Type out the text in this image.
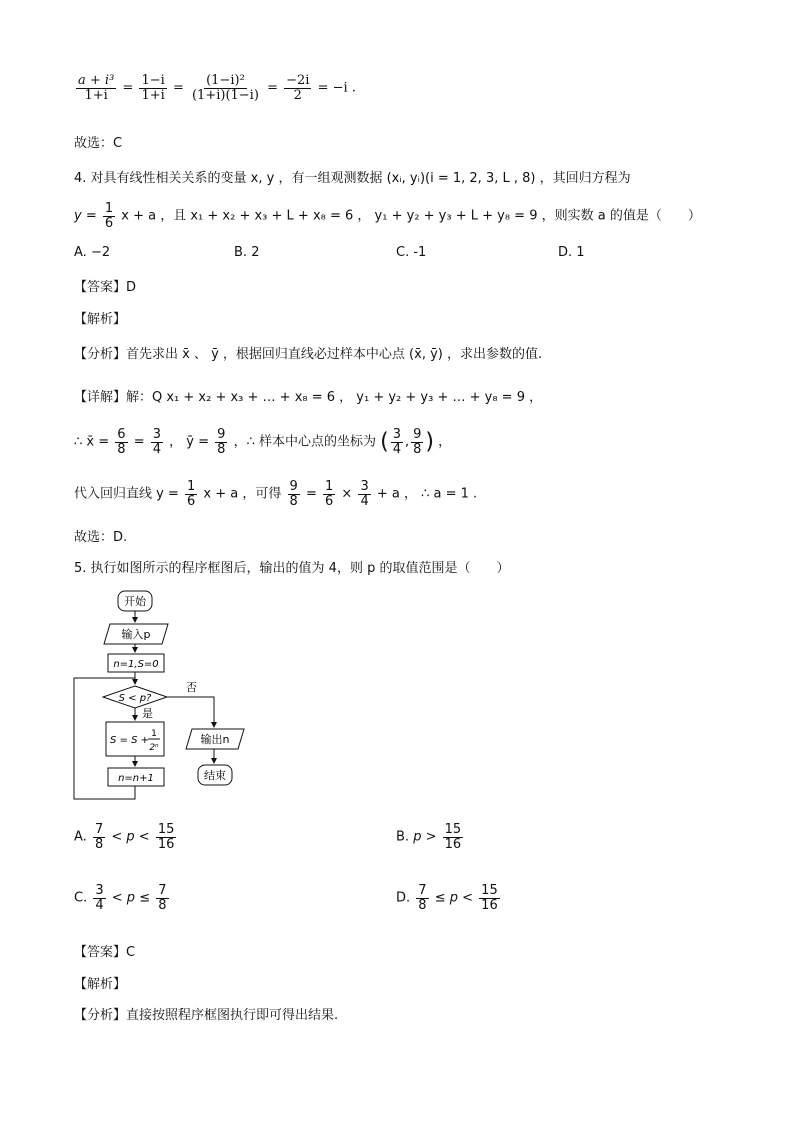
$\frac{\text{a + i³}}{1+i} = \frac{1-i}{1+i} = \frac{\text{(1−i)²}}{(1+i)(1-i)} = \frac{-2i}{2} = -i$ .
故选：C
4. 对具有线性相关关系的变量 x, y ，有一组观测数据 (xᵢ, yᵢ)(i = 1, 2, 3, L , 8) ，其回归方程为
$y = \frac{1}{6}$ x + a ，且 x₁ + x₂ + x₃ + L + x₈ = 6 ， y₁ + y₂ + y₃ + L + y₈ = 9 ，则实数 a 的值是（　　）
A. −2	B. 2	C. -1	D. 1
【答案】D
【解析】
【分析】首先求出 x̄ 、 ȳ ，根据回归直线必过样本中心点 (x̄, ȳ) ，求出参数的值.
【详解】解：Q x₁ + x₂ + x₃ + … + x₈ = 6 ， y₁ + y₂ + y₃ + … + y₈ = 9 ，
∴ x̄ = $\frac{6}{8} = \frac{3}{4}$ ， ȳ = $\frac{9}{8}$ ，∴ 样本中心点的坐标为 ( $\frac{3}{4}$ , $\frac{9}{8}$ ) ，
代入回归直线 $y = \frac{1}{6}$ x + a ，可得 $\frac{9}{8} = \frac{1}{6} \times \frac{3}{4} + a$ ， ∴ a = 1 .
故选：D.
5. 执行如图所示的程序框图后，输出的值为 4，则 p 的取值范围是（　　）
开始
输入p
n=1,S=0
S < p?
否
是
S = S +
1
2ⁿ
n=n+1
输出n
结束
A. $\frac{7}{8} < p < \frac{15}{16}$	B. $p > \frac{15}{16}$
C. $\frac{3}{4} < p \le \frac{7}{8}$	D. $\frac{7}{8} \le p < \frac{15}{16}$
【答案】C
【解析】
【分析】直接按照程序框图执行即可得出结果.
